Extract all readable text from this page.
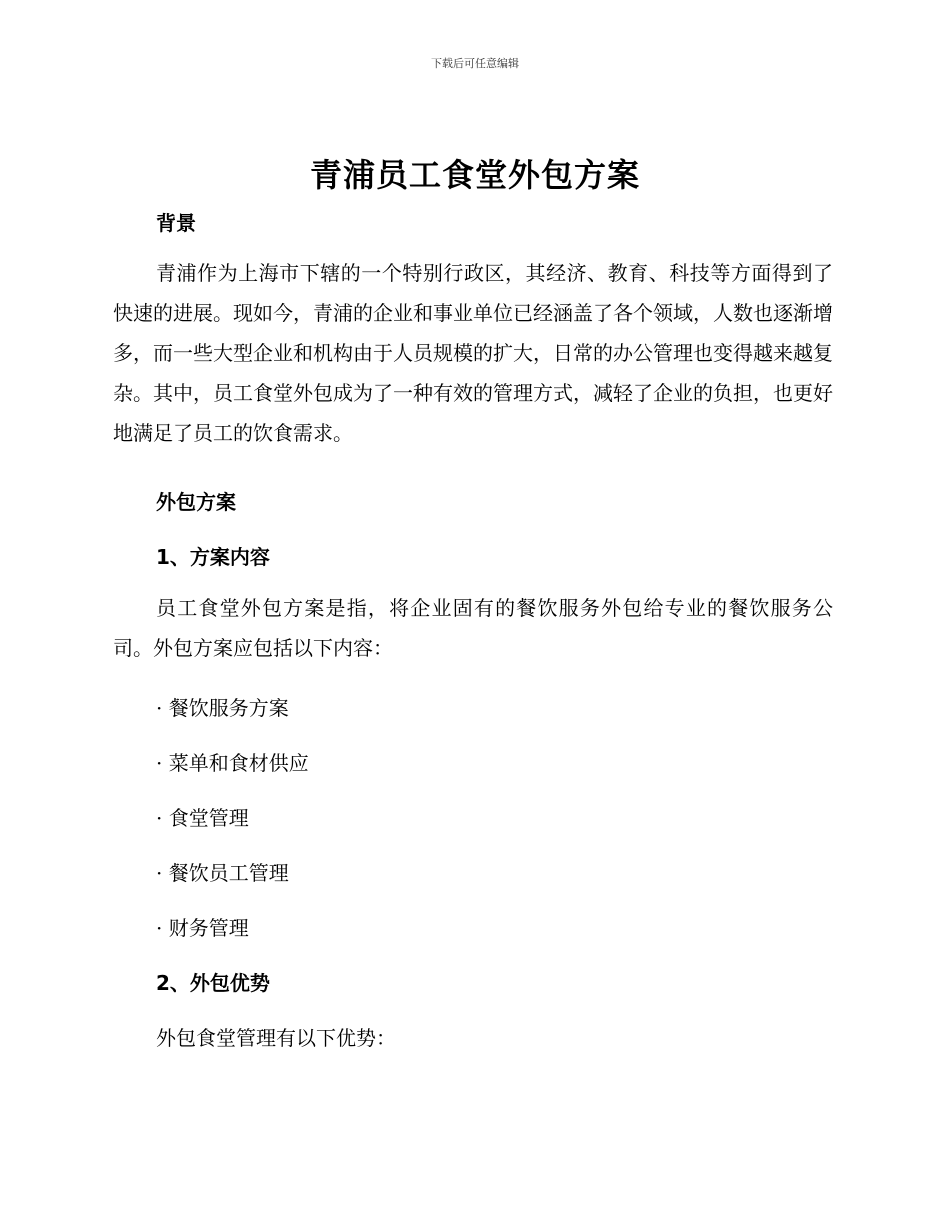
下载后可任意编辑
青浦员工食堂外包方案
背景
青浦作为上海市下辖的一个特别行政区，其经济、教育、科技等方面得到了快速的进展。现如今，青浦的企业和事业单位已经涵盖了各个领域，人数也逐渐增多，而一些大型企业和机构由于人员规模的扩大，日常的办公管理也变得越来越复杂。其中，员工食堂外包成为了一种有效的管理方式，减轻了企业的负担，也更好地满足了员工的饮食需求。
外包方案
1、方案内容
员工食堂外包方案是指，将企业固有的餐饮服务外包给专业的餐饮服务公司。外包方案应包括以下内容：
· 餐饮服务方案
· 菜单和食材供应
· 食堂管理
· 餐饮员工管理
· 财务管理
2、外包优势
外包食堂管理有以下优势：
